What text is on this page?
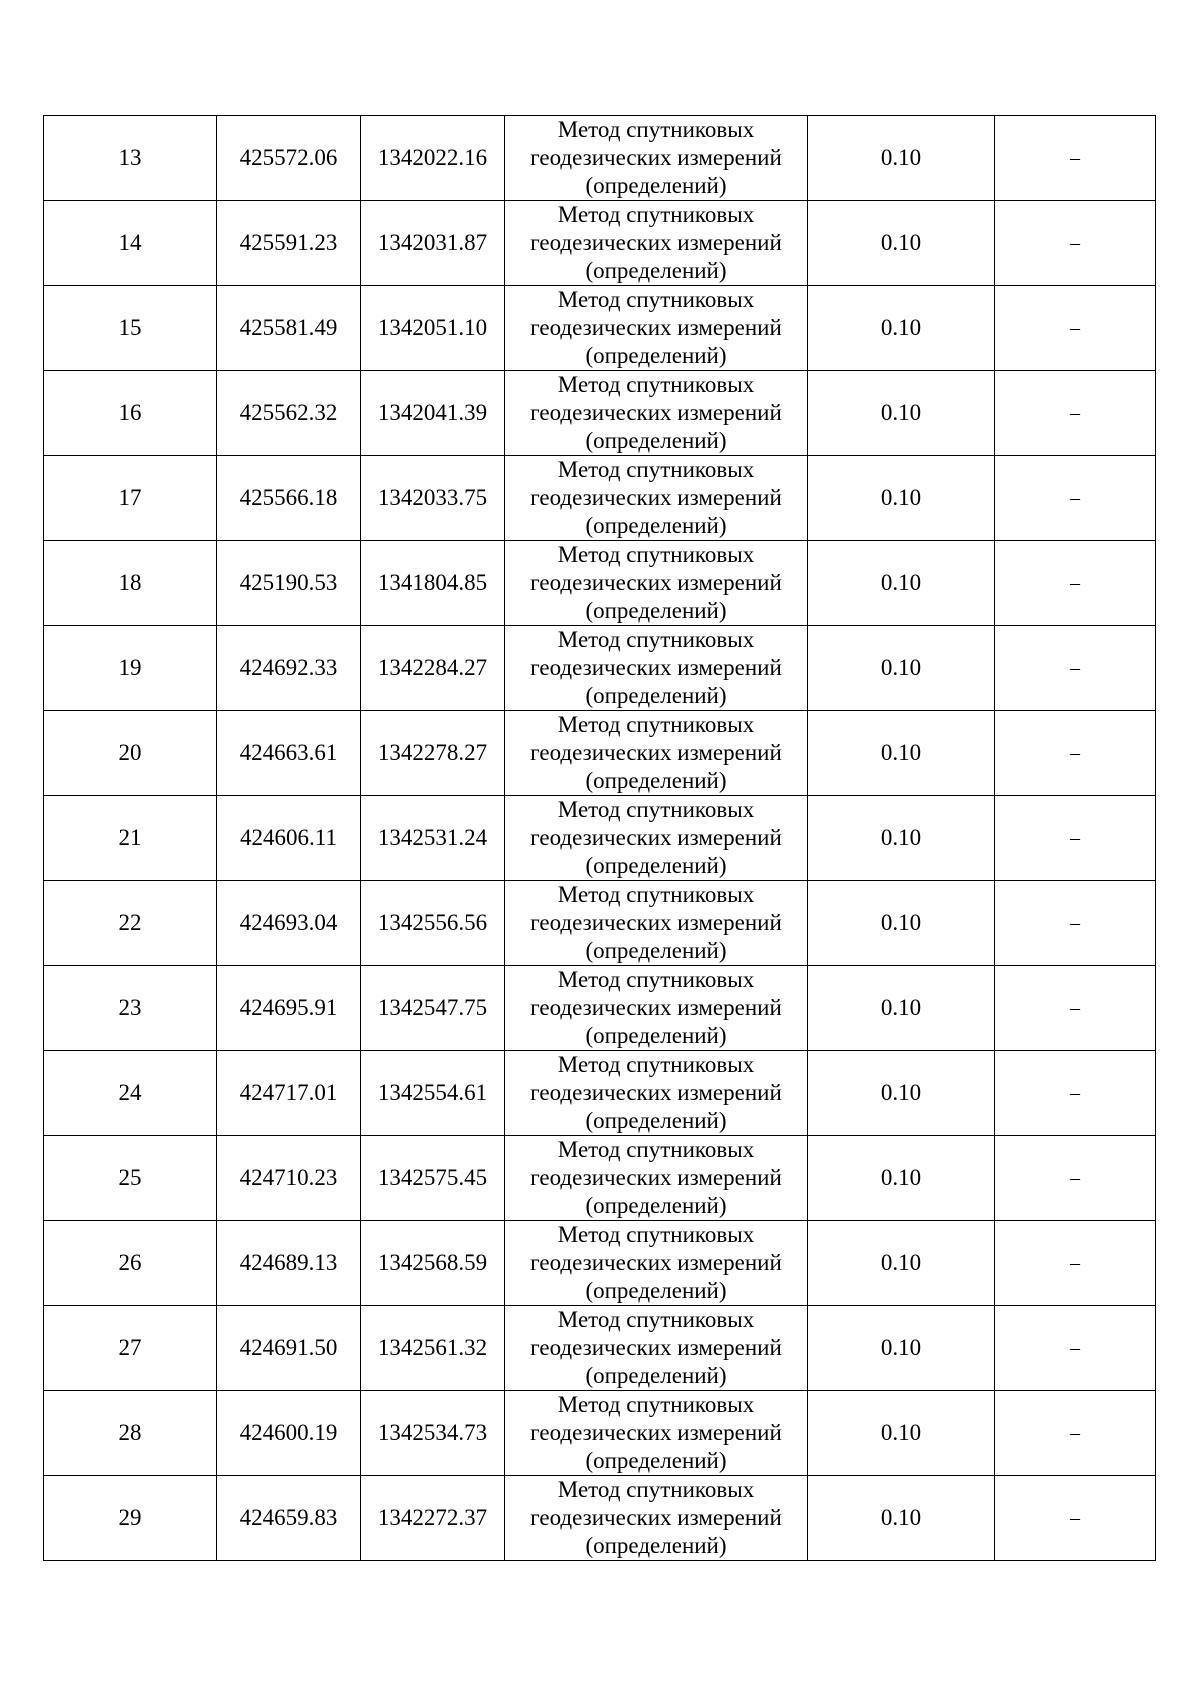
13	425572.06	1342022.16	Метод спутниковых геодезических измерений (определений)	0.10	–
14	425591.23	1342031.87	Метод спутниковых геодезических измерений (определений)	0.10	–
15	425581.49	1342051.10	Метод спутниковых геодезических измерений (определений)	0.10	–
16	425562.32	1342041.39	Метод спутниковых геодезических измерений (определений)	0.10	–
17	425566.18	1342033.75	Метод спутниковых геодезических измерений (определений)	0.10	–
18	425190.53	1341804.85	Метод спутниковых геодезических измерений (определений)	0.10	–
19	424692.33	1342284.27	Метод спутниковых геодезических измерений (определений)	0.10	–
20	424663.61	1342278.27	Метод спутниковых геодезических измерений (определений)	0.10	–
21	424606.11	1342531.24	Метод спутниковых геодезических измерений (определений)	0.10	–
22	424693.04	1342556.56	Метод спутниковых геодезических измерений (определений)	0.10	–
23	424695.91	1342547.75	Метод спутниковых геодезических измерений (определений)	0.10	–
24	424717.01	1342554.61	Метод спутниковых геодезических измерений (определений)	0.10	–
25	424710.23	1342575.45	Метод спутниковых геодезических измерений (определений)	0.10	–
26	424689.13	1342568.59	Метод спутниковых геодезических измерений (определений)	0.10	–
27	424691.50	1342561.32	Метод спутниковых геодезических измерений (определений)	0.10	–
28	424600.19	1342534.73	Метод спутниковых геодезических измерений (определений)	0.10	–
29	424659.83	1342272.37	Метод спутниковых геодезических измерений (определений)	0.10	–
